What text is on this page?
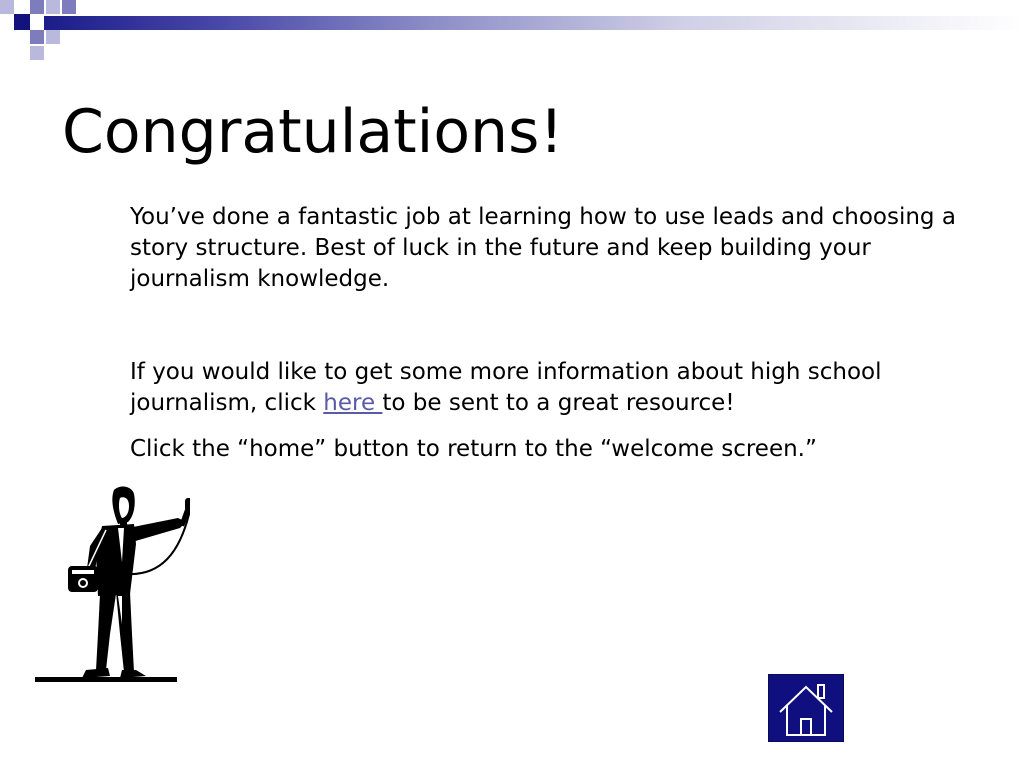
Congratulations!

You’ve done a fantastic job at learning how to use leads and choosing a story structure. Best of luck in the future and keep building your journalism knowledge.

If you would like to get some more information about high school journalism, click here to be sent to a great resource!

Click the “home” button to return to the “welcome screen.”
